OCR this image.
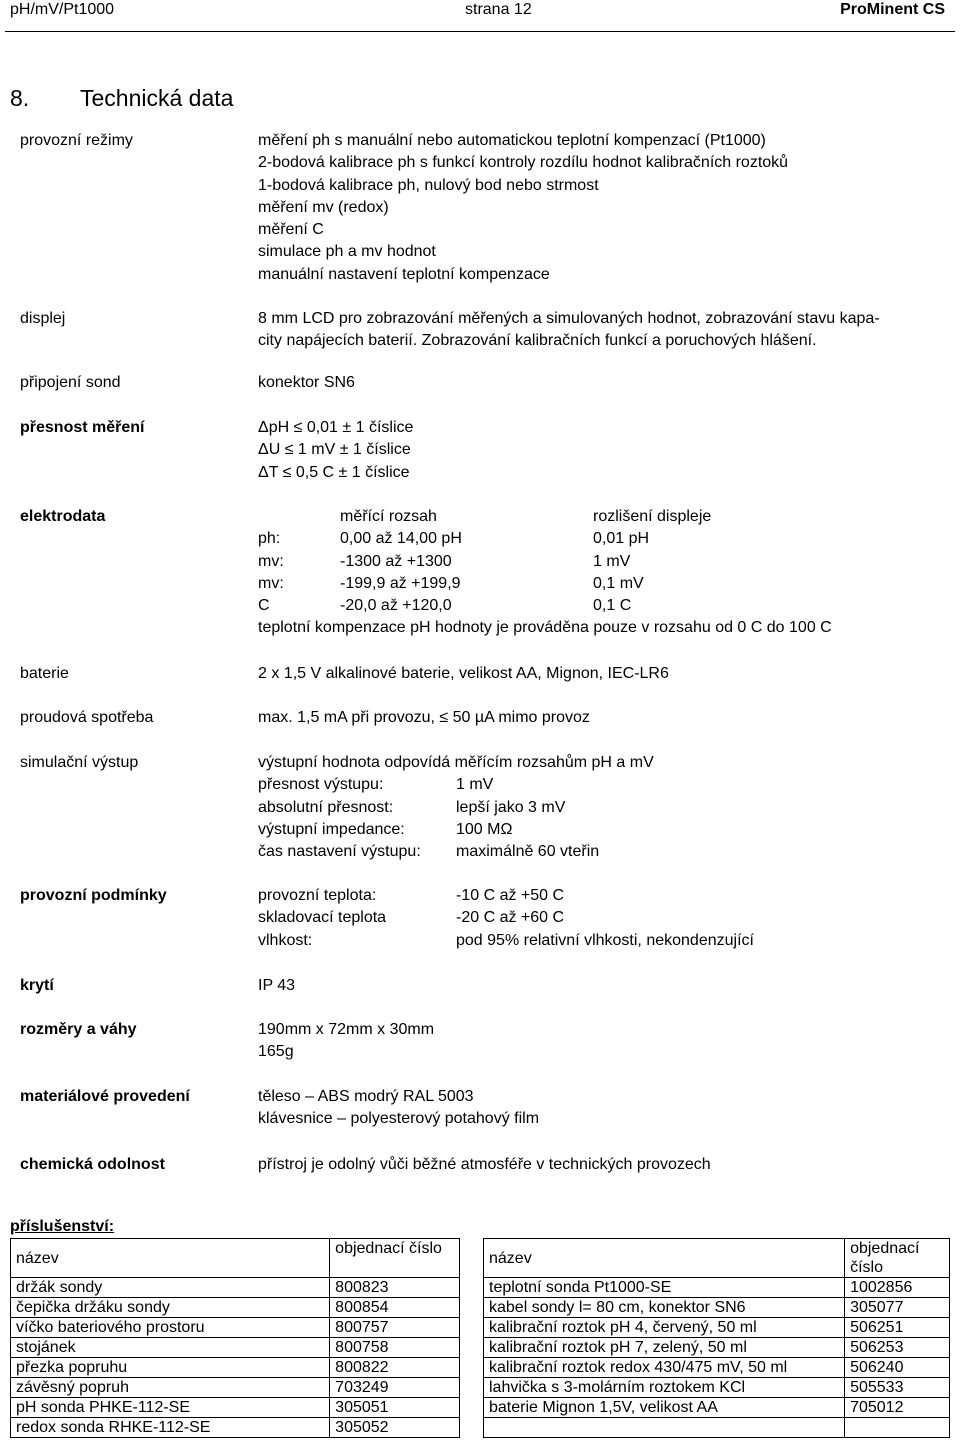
pH/mV/Pt1000	strana 12	ProMinent CS
8. Technická data
provozní režimy	měření ph s manuální nebo automatickou teplotní kompenzací (Pt1000)
2-bodová kalibrace ph s funkcí kontroly rozdílu hodnot kalibračních roztoků
1-bodová kalibrace ph, nulový bod nebo strmost
měření mv (redox)
měření C
simulace ph a mv hodnot
manuální nastavení teplotní kompenzace
displej	8 mm LCD pro zobrazování měřených a simulovaných hodnot, zobrazování stavu kapa-
city napájecích baterií. Zobrazování kalibračních funkcí a poruchových hlášení.
připojení sond	konektor SN6
přesnost měření	ΔpH ≤ 0,01 ± 1 číslice
ΔU ≤ 1 mV ± 1 číslice
ΔT ≤ 0,5 C ± 1 číslice
elektrodata	měřící rozsah	rozlišení displeje
ph:	0,00 až 14,00 pH	0,01 pH
mv:	-1300 až +1300	1 mV
mv:	-199,9 až +199,9	0,1 mV
C	-20,0 až +120,0	0,1 C
teplotní kompenzace pH hodnoty je prováděna pouze v rozsahu od 0 C do 100 C
baterie	2 x 1,5 V alkalinové baterie, velikost AA, Mignon, IEC-LR6
proudová spotřeba	max. 1,5 mA při provozu, ≤ 50 µA mimo provoz
simulační výstup	výstupní hodnota odpovídá měřícím rozsahům pH a mV
přesnost výstupu:	1 mV
absolutní přesnost:	lepší jako 3 mV
výstupní impedance:	100 MΩ
čas nastavení výstupu: maximálně 60 vteřin
provozní podmínky	provozní teplota:	-10 C až +50 C
skladovací teplota	-20 C až +60 C
vlhkost:	pod 95% relativní vlhkosti, nekondenzující
krytí	IP 43
rozměry a váhy	190mm x 72mm x 30mm
165g
materiálové provedení	těleso – ABS modrý RAL 5003
klávesnice – polyesterový potahový film
chemická odolnost	přístroj je odolný vůči běžné atmosféře v technických provozech
příslušenství:
název	objednací číslo
držák sondy	800823
čepička držáku sondy	800854
víčko bateriového prostoru	800757
stojánek	800758
přezka popruhu	800822
závěsný popruh	703249
pH sonda PHKE-112-SE	305051
redox sonda RHKE-112-SE	305052
název	objednací číslo
teplotní sonda Pt1000-SE	1002856
kabel sondy l= 80 cm, konektor SN6	305077
kalibrační roztok pH 4, červený, 50 ml	506251
kalibrační roztok pH 7, zelený, 50 ml	506253
kalibrační roztok redox 430/475 mV, 50 ml	506240
lahvička s 3-molárním roztokem KCl	505533
baterie Mignon 1,5V, velikost AA	705012
